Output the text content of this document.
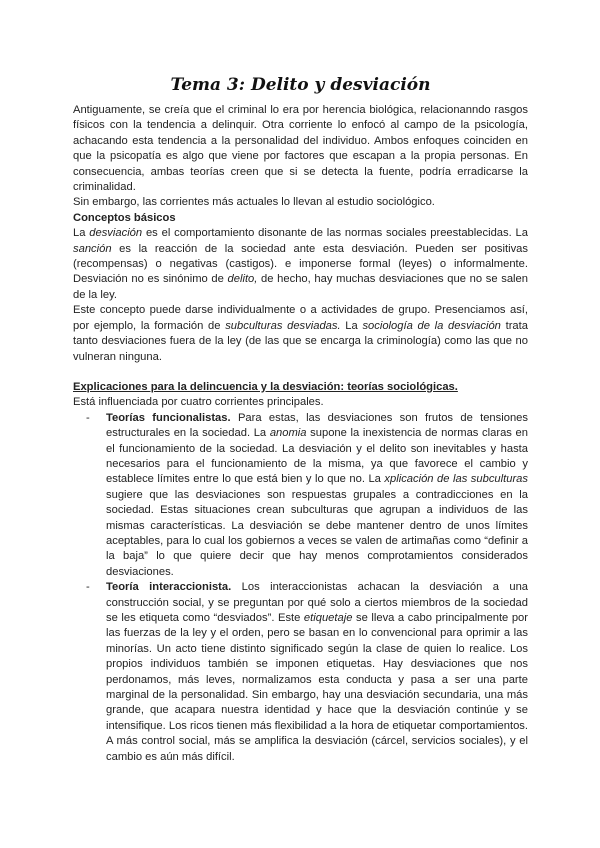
Tema 3: Delito y desviación

Antiguamente, se creía que el criminal lo era por herencia biológica, relacionanndo rasgos físicos con la tendencia a delinquir. Otra corriente lo enfocó al campo de la psicología, achacando esta tendencia a la personalidad del individuo. Ambos enfoques coinciden en que la psicopatía es algo que viene por factores que escapan a la propia personas. En consecuencia, ambas teorías creen que si se detecta la fuente, podría erradicarse la criminalidad.

Sin embargo, las corrientes más actuales lo llevan al estudio sociológico.

Conceptos básicos

La desviación es el comportamiento disonante de las normas sociales preestablecidas. La sanción es la reacción de la sociedad ante esta desviación. Pueden ser positivas (recompensas) o negativas (castigos). e imponerse formal (leyes) o informalmente. Desviación no es sinónimo de delito, de hecho, hay muchas desviaciones que no se salen de la ley.

Este concepto puede darse individualmente o a actividades de grupo. Presenciamos así, por ejemplo, la formación de subculturas desviadas. La sociología de la desviación trata tanto desviaciones fuera de la ley (de las que se encarga la criminología) como las que no vulneran ninguna.

Explicaciones para la delincuencia y la desviación: teorías sociológicas.

Está influenciada por cuatro corrientes principales.

- Teorías funcionalistas. Para estas, las desviaciones son frutos de tensiones estructurales en la sociedad. La anomia supone la inexistencia de normas claras en el funcionamiento de la sociedad. La desviación y el delito son inevitables y hasta necesarios para el funcionamiento de la misma, ya que favorece el cambio y establece límites entre lo que está bien y lo que no. La xplicación de las subculturas sugiere que las desviaciones son respuestas grupales a contradicciones en la sociedad. Estas situaciones crean subculturas que agrupan a individuos de las mismas características. La desviación se debe mantener dentro de unos límites aceptables, para lo cual los gobiernos a veces se valen de artimañas como “definir a la baja” lo que quiere decir que hay menos comprotamientos considerados desviaciones.
- Teoría interaccionista. Los interaccionistas achacan la desviación a una construcción social, y se preguntan por qué solo a ciertos miembros de la sociedad se les etiqueta como “desviados”. Este etiquetaje se lleva a cabo principalmente por las fuerzas de la ley y el orden, pero se basan en lo convencional para oprimir a las minorías. Un acto tiene distinto significado según la clase de quien lo realice. Los propios individuos también se imponen etiquetas. Hay desviaciones que nos perdonamos, más leves, normalizamos esta conducta y pasa a ser una parte marginal de la personalidad. Sin embargo, hay una desviación secundaria, una más grande, que acapara nuestra identidad y hace que la desviación continúe y se intensifique. Los ricos tienen más flexibilidad a la hora de etiquetar comportamientos. A más control social, más se amplifica la desviación (cárcel, servicios sociales), y el cambio es aún más difícil.
